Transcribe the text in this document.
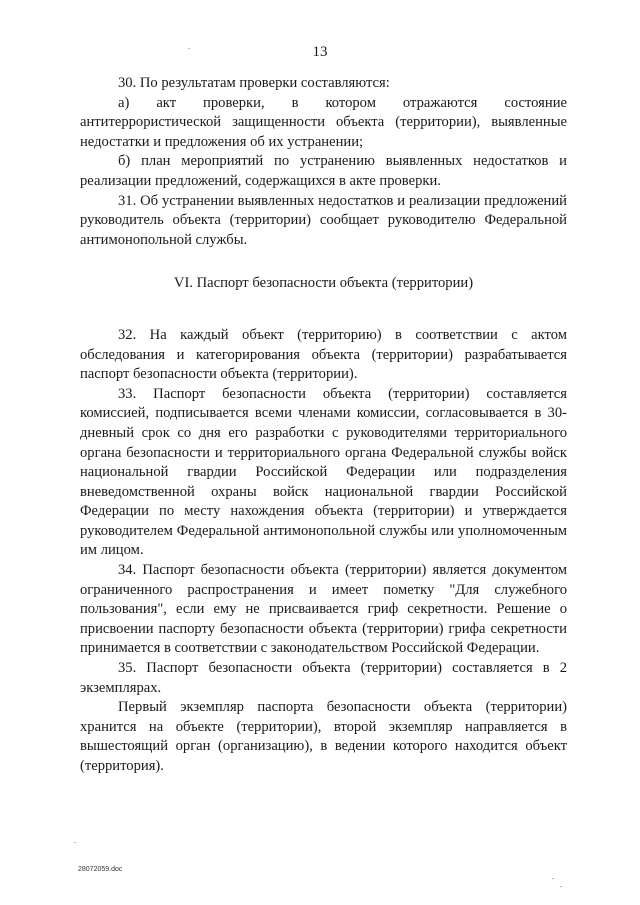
13

30. По результатам проверки составляются:

а) акт проверки, в котором отражаются состояние антитеррористической защищенности объекта (территории), выявленные недостатки и предложения об их устранении;

б) план мероприятий по устранению выявленных недостатков и реализации предложений, содержащихся в акте проверки.

31. Об устранении выявленных недостатков и реализации предложений руководитель объекта (территории) сообщает руководителю Федеральной антимонопольной службы.

VI. Паспорт безопасности объекта (территории)

32. На каждый объект (территорию) в соответствии с актом обследования и категорирования объекта (территории) разрабатывается паспорт безопасности объекта (территории).

33. Паспорт безопасности объекта (территории) составляется комиссией, подписывается всеми членами комиссии, согласовывается в 30-дневный срок со дня его разработки с руководителями территориального органа безопасности и территориального органа Федеральной службы войск национальной гвардии Российской Федерации или подразделения вневедомственной охраны войск национальной гвардии Российской Федерации по месту нахождения объекта (территории) и утверждается руководителем Федеральной антимонопольной службы или уполномоченным им лицом.

34. Паспорт безопасности объекта (территории) является документом ограниченного распространения и имеет пометку "Для служебного пользования", если ему не присваивается гриф секретности. Решение о присвоении паспорту безопасности объекта (территории) грифа секретности принимается в соответствии с законодательством Российской Федерации.

35. Паспорт безопасности объекта (территории) составляется в 2 экземплярах.

Первый экземпляр паспорта безопасности объекта (территории) хранится на объекте (территории), второй экземпляр направляется в вышестоящий орган (организацию), в ведении которого находится объект (территория).

28072059.doc
